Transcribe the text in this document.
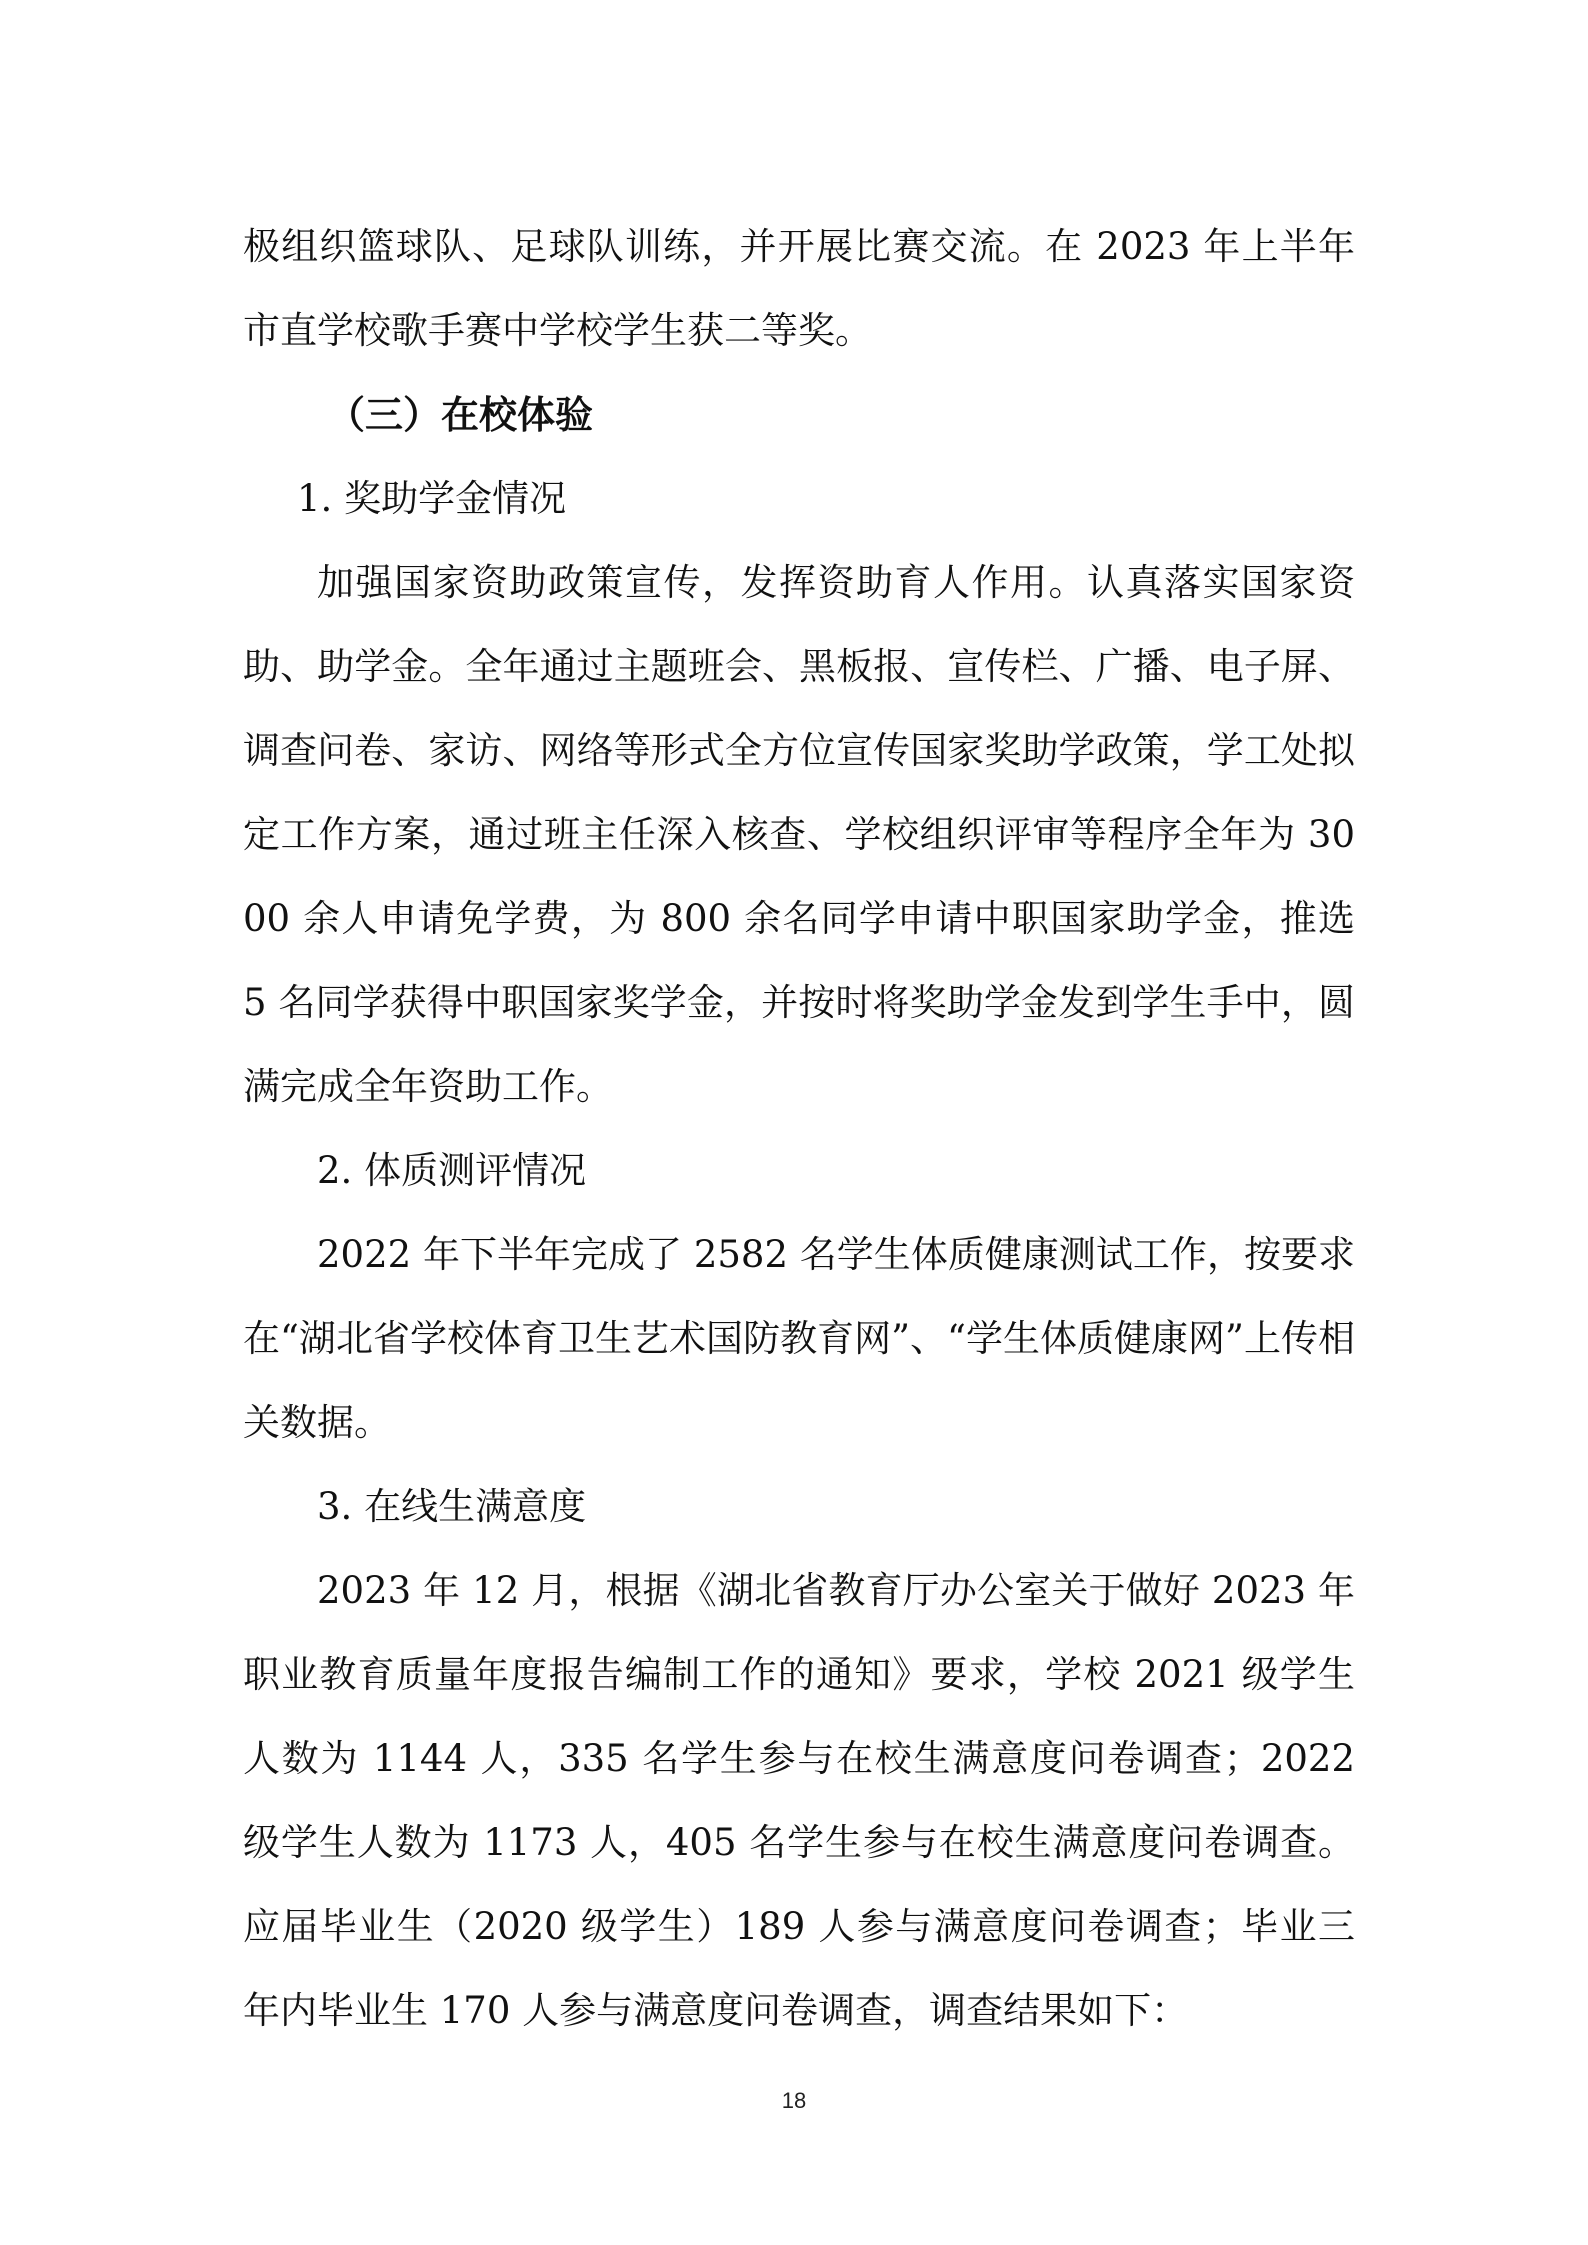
极组织篮球队、足球队训练，并开展比赛交流。在 2023 年上半年市直学校歌手赛中学校学生获二等奖。

（三）在校体验

1. 奖助学金情况

加强国家资助政策宣传，发挥资助育人作用。认真落实国家资助、助学金。全年通过主题班会、黑板报、宣传栏、广播、电子屏、调查问卷、家访、网络等形式全方位宣传国家奖助学政策，学工处拟定工作方案，通过班主任深入核查、学校组织评审等程序全年为 3000 余人申请免学费，为 800 余名同学申请中职国家助学金，推选 5 名同学获得中职国家奖学金，并按时将奖助学金发到学生手中，圆满完成全年资助工作。

2. 体质测评情况

2022 年下半年完成了 2582 名学生体质健康测试工作，按要求在“湖北省学校体育卫生艺术国防教育网”、“学生体质健康网”上传相关数据。

3. 在线生满意度

2023 年 12 月，根据《湖北省教育厅办公室关于做好 2023 年职业教育质量年度报告编制工作的通知》要求，学校 2021 级学生人数为 1144 人，335 名学生参与在校生满意度问卷调查；2022 级学生人数为 1173 人，405 名学生参与在校生满意度问卷调查。应届毕业生（2020 级学生）189 人参与满意度问卷调查；毕业三年内毕业生 170 人参与满意度问卷调查，调查结果如下：

18
